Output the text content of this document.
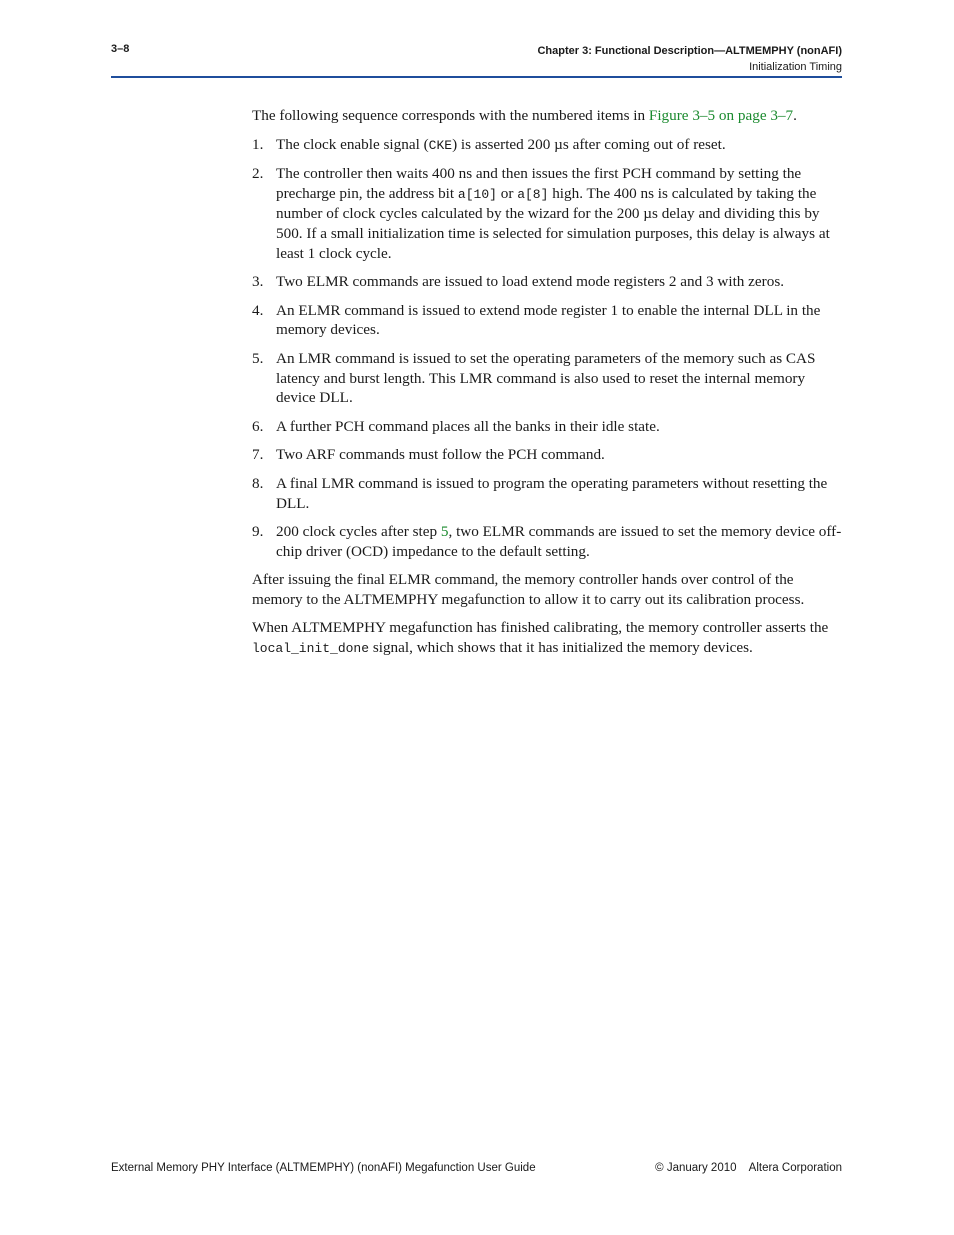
3–8	Chapter 3: Functional Description—ALTMEMPHY (nonAFI)
Initialization Timing

The following sequence corresponds with the numbered items in Figure 3–5 on page 3–7.

1. The clock enable signal (CKE) is asserted 200 µs after coming out of reset.
2. The controller then waits 400 ns and then issues the first PCH command by setting the precharge pin, the address bit a[10] or a[8] high. The 400 ns is calculated by taking the number of clock cycles calculated by the wizard for the 200 µs delay and dividing this by 500. If a small initialization time is selected for simulation purposes, this delay is always at least 1 clock cycle.
3. Two ELMR commands are issued to load extend mode registers 2 and 3 with zeros.
4. An ELMR command is issued to extend mode register 1 to enable the internal DLL in the memory devices.
5. An LMR command is issued to set the operating parameters of the memory such as CAS latency and burst length. This LMR command is also used to reset the internal memory device DLL.
6. A further PCH command places all the banks in their idle state.
7. Two ARF commands must follow the PCH command.
8. A final LMR command is issued to program the operating parameters without resetting the DLL.
9. 200 clock cycles after step 5, two ELMR commands are issued to set the memory device off-chip driver (OCD) impedance to the default setting.

After issuing the final ELMR command, the memory controller hands over control of the memory to the ALTMEMPHY megafunction to allow it to carry out its calibration process.

When ALTMEMPHY megafunction has finished calibrating, the memory controller asserts the local_init_done signal, which shows that it has initialized the memory devices.

External Memory PHY Interface (ALTMEMPHY) (nonAFI) Megafunction User Guide	© January 2010    Altera Corporation
